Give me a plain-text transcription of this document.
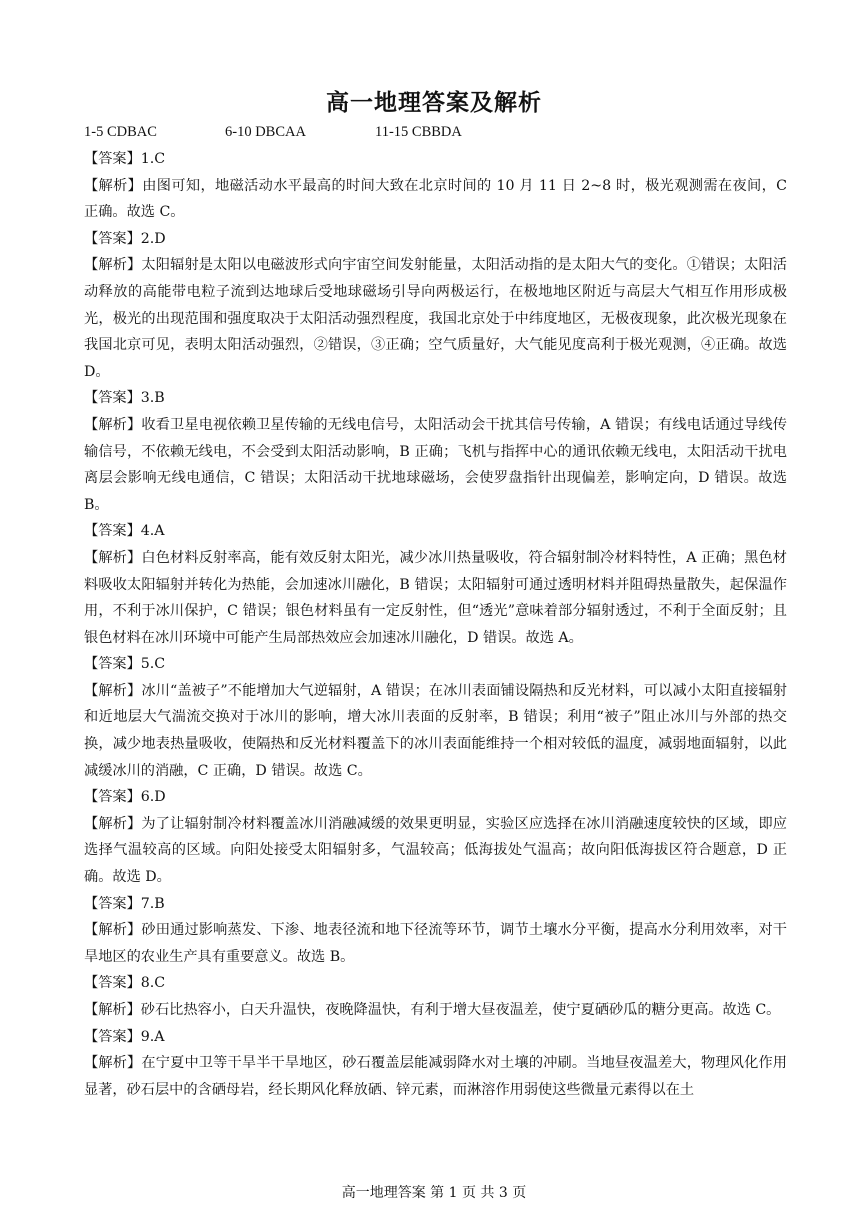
高一地理答案及解析
1-5 CDBAC	6-10 DBCAA	11-15 CBBDA

【答案】1.C

【解析】由图可知，地磁活动水平最高的时间大致在北京时间的 10 月 11 日 2~8 时，极光观测需在夜间，C 正确。故选 C。

【答案】2.D

【解析】太阳辐射是太阳以电磁波形式向宇宙空间发射能量，太阳活动指的是太阳大气的变化。①错误；太阳活动释放的高能带电粒子流到达地球后受地球磁场引导向两极运行，在极地地区附近与高层大气相互作用形成极光，极光的出现范围和强度取决于太阳活动强烈程度，我国北京处于中纬度地区，无极夜现象，此次极光现象在我国北京可见，表明太阳活动强烈，②错误，③正确；空气质量好，大气能见度高利于极光观测，④正确。故选 D。

【答案】3.B

【解析】收看卫星电视依赖卫星传输的无线电信号，太阳活动会干扰其信号传输，A 错误；有线电话通过导线传输信号，不依赖无线电，不会受到太阳活动影响，B 正确；飞机与指挥中心的通讯依赖无线电，太阳活动干扰电离层会影响无线电通信，C 错误；太阳活动干扰地球磁场，会使罗盘指针出现偏差，影响定向，D 错误。故选 B。

【答案】4.A

【解析】白色材料反射率高，能有效反射太阳光，减少冰川热量吸收，符合辐射制冷材料特性，A 正确；黑色材料吸收太阳辐射并转化为热能，会加速冰川融化，B 错误；太阳辐射可通过透明材料并阻碍热量散失，起保温作用，不利于冰川保护，C 错误；银色材料虽有一定反射性，但“透光”意味着部分辐射透过，不利于全面反射；且银色材料在冰川环境中可能产生局部热效应会加速冰川融化，D 错误。故选 A。

【答案】5.C

【解析】冰川“盖被子”不能增加大气逆辐射，A 错误；在冰川表面铺设隔热和反光材料，可以减小太阳直接辐射和近地层大气湍流交换对于冰川的影响，增大冰川表面的反射率，B 错误；利用“被子”阻止冰川与外部的热交换，减少地表热量吸收，使隔热和反光材料覆盖下的冰川表面能维持一个相对较低的温度，减弱地面辐射，以此减缓冰川的消融，C 正确，D 错误。故选 C。

【答案】6.D

【解析】为了让辐射制冷材料覆盖冰川消融减缓的效果更明显，实验区应选择在冰川消融速度较快的区域，即应选择气温较高的区域。向阳处接受太阳辐射多，气温较高；低海拔处气温高；故向阳低海拔区符合题意，D 正确。故选 D。

【答案】7.B

【解析】砂田通过影响蒸发、下渗、地表径流和地下径流等环节，调节土壤水分平衡，提高水分利用效率，对干旱地区的农业生产具有重要意义。故选 B。

【答案】8.C

【解析】砂石比热容小，白天升温快，夜晚降温快，有利于增大昼夜温差，使宁夏硒砂瓜的糖分更高。故选 C。

【答案】9.A

【解析】在宁夏中卫等干旱半干旱地区，砂石覆盖层能减弱降水对土壤的冲刷。当地昼夜温差大，物理风化作用显著，砂石层中的含硒母岩，经长期风化释放硒、锌元素，而淋溶作用弱使这些微量元素得以在土

高一地理答案 第 1 页 共 3 页
